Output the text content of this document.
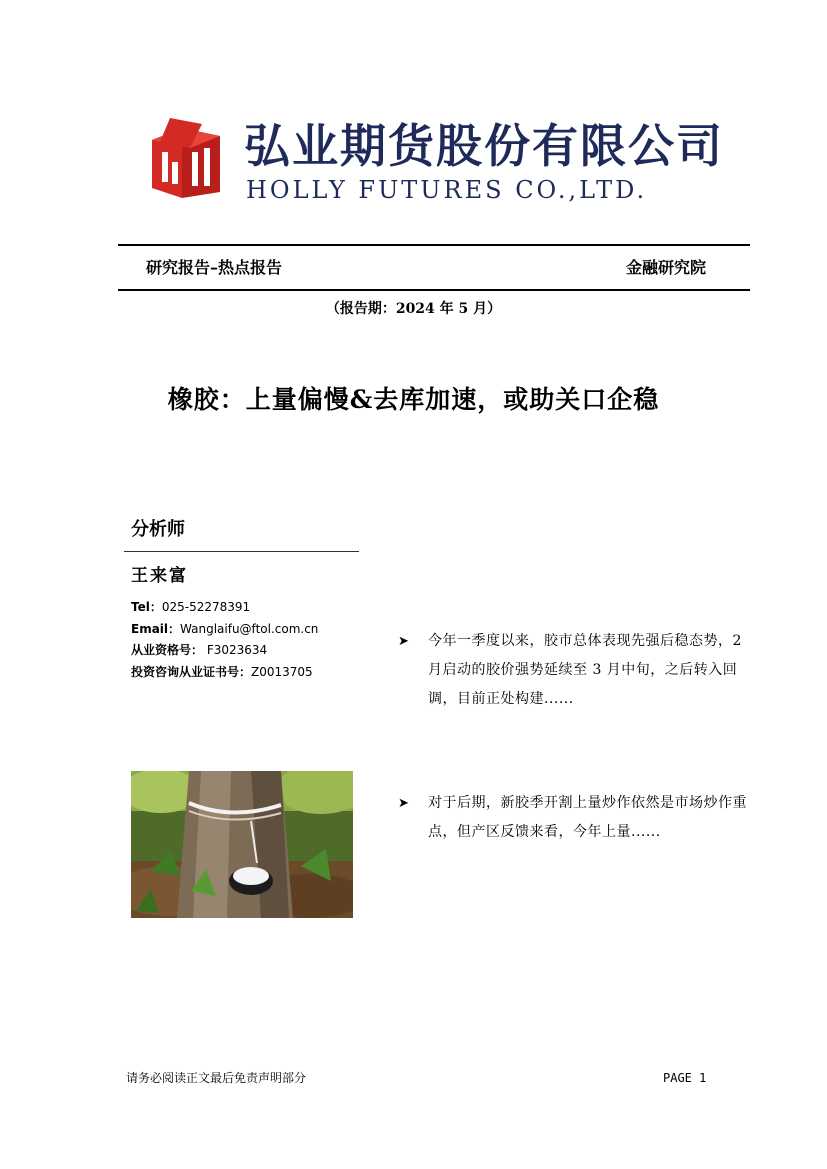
弘业期货股份有限公司
HOLLY FUTURES CO.,LTD.
研究报告–热点报告	金融研究院
（报告期：2024 年 5 月）
橡胶：上量偏慢&去库加速，或助关口企稳
分析师
王来富
Tel：025-52278391
Email：Wanglaifu@ftol.com.cn
从业资格号： F3023634
投资咨询从业证书号：Z0013705
➤	今年一季度以来，胶市总体表现先强后稳态势，2 月启动的胶价强势延续至 3 月中旬，之后转入回调，目前正处构建......
➤	对于后期，新胶季开割上量炒作依然是市场炒作重点，但产区反馈来看，今年上量......
请务必阅读正文最后免责声明部分	PAGE 1
